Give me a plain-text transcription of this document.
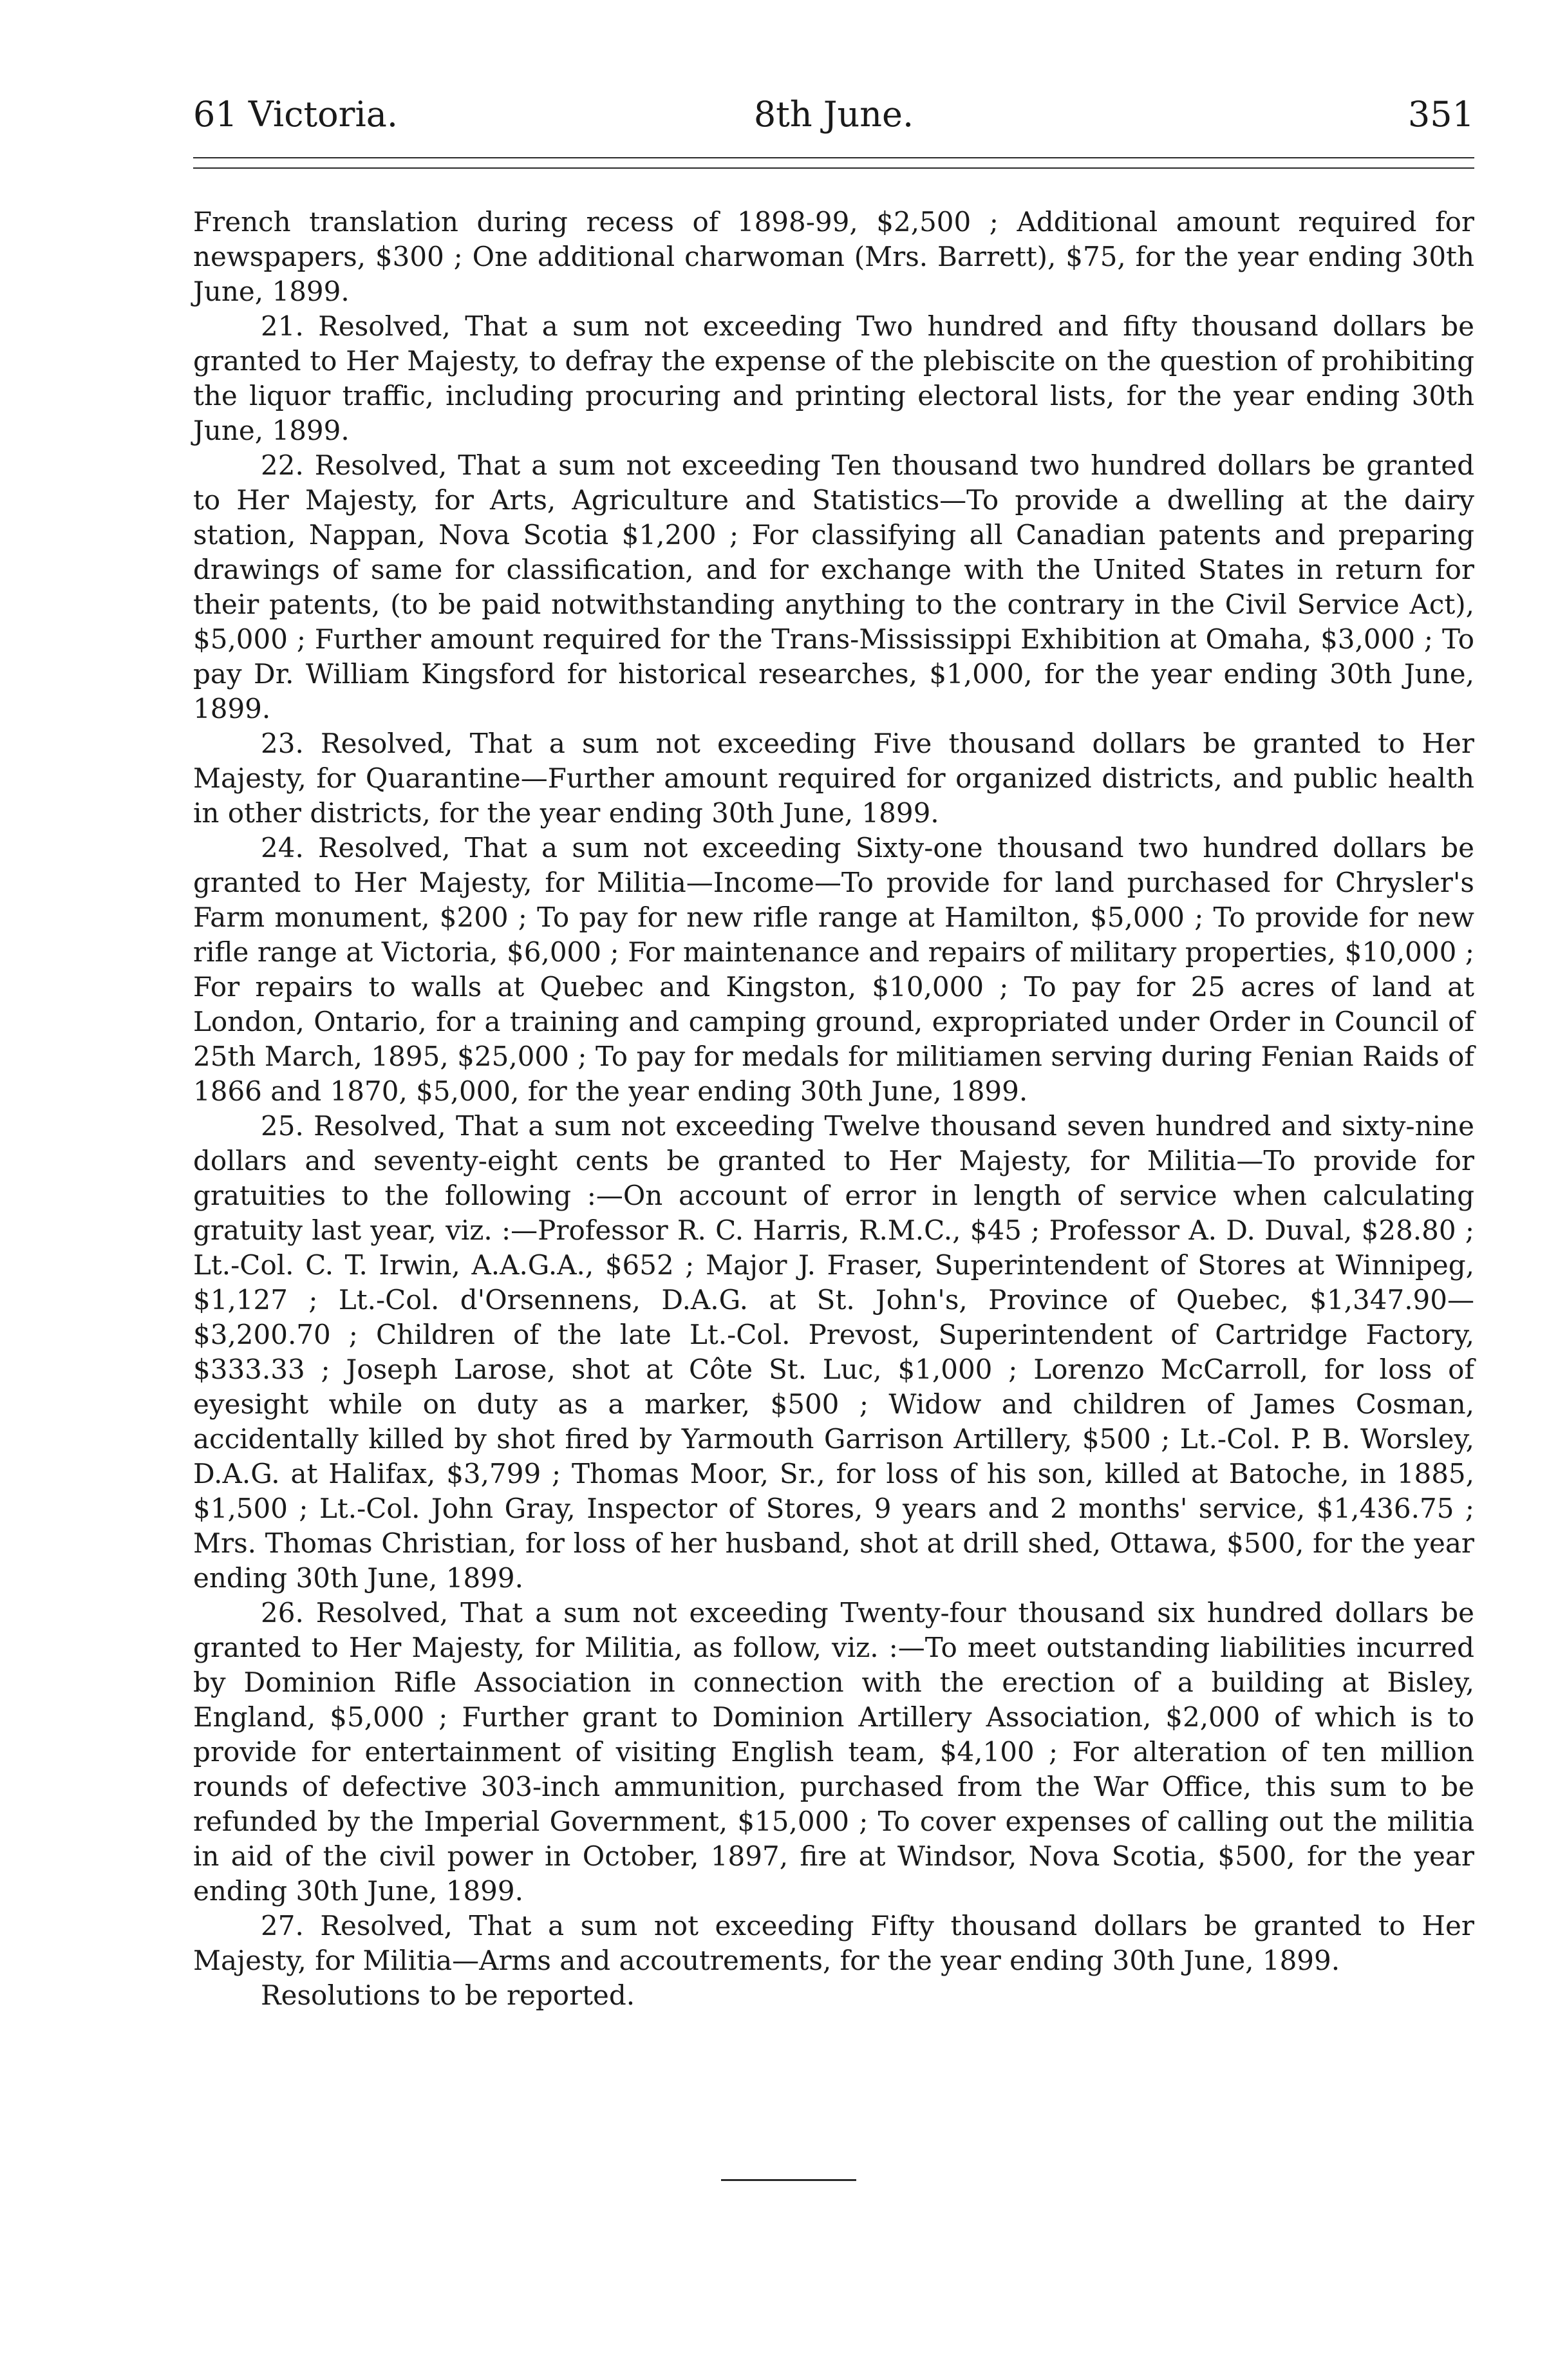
61 Victoria.	8th June.	351

French translation during recess of 1898-99, $2,500 ; Additional amount required for newspapers, $300 ; One additional charwoman (Mrs. Barrett), $75, for the year ending 30th June, 1899.

21. Resolved, That a sum not exceeding Two hundred and fifty thousand dollars be granted to Her Majesty, to defray the expense of the plebiscite on the question of prohibiting the liquor traffic, including procuring and printing electoral lists, for the year ending 30th June, 1899.

22. Resolved, That a sum not exceeding Ten thousand two hundred dollars be granted to Her Majesty, for Arts, Agriculture and Statistics—To provide a dwelling at the dairy station, Nappan, Nova Scotia $1,200 ; For classifying all Canadian patents and preparing drawings of same for classification, and for exchange with the United States in return for their patents, (to be paid notwithstanding anything to the contrary in the Civil Service Act), $5,000 ; Further amount required for the Trans-Mississippi Exhibition at Omaha, $3,000 ; To pay Dr. William Kingsford for historical researches, $1,000, for the year ending 30th June, 1899.

23. Resolved, That a sum not exceeding Five thousand dollars be granted to Her Majesty, for Quarantine—Further amount required for organized districts, and public health in other districts, for the year ending 30th June, 1899.

24. Resolved, That a sum not exceeding Sixty-one thousand two hundred dollars be granted to Her Majesty, for Militia—Income—To provide for land purchased for Chrysler's Farm monument, $200 ; To pay for new rifle range at Hamilton, $5,000 ; To provide for new rifle range at Victoria, $6,000 ; For maintenance and repairs of military properties, $10,000 ; For repairs to walls at Quebec and Kingston, $10,000 ; To pay for 25 acres of land at London, Ontario, for a training and camping ground, expropriated under Order in Council of 25th March, 1895, $25,000 ; To pay for medals for militiamen serving during Fenian Raids of 1866 and 1870, $5,000, for the year ending 30th June, 1899.

25. Resolved, That a sum not exceeding Twelve thousand seven hundred and sixty-nine dollars and seventy-eight cents be granted to Her Majesty, for Militia—To provide for gratuities to the following :—On account of error in length of service when calculating gratuity last year, viz. :—Professor R. C. Harris, R.M.C., $45 ; Professor A. D. Duval, $28.80 ; Lt.-Col. C. T. Irwin, A.A.G.A., $652 ; Major J. Fraser, Superintendent of Stores at Winnipeg, $1,127 ; Lt.-Col. d'Orsennens, D.A.G. at St. John's, Province of Quebec, $1,347.90—$3,200.70 ; Children of the late Lt.-Col. Prevost, Superintendent of Cartridge Factory, $333.33 ; Joseph Larose, shot at Côte St. Luc, $1,000 ; Lorenzo McCarroll, for loss of eyesight while on duty as a marker, $500 ; Widow and children of James Cosman, accidentally killed by shot fired by Yarmouth Garrison Artillery, $500 ; Lt.-Col. P. B. Worsley, D.A.G. at Halifax, $3,799 ; Thomas Moor, Sr., for loss of his son, killed at Batoche, in 1885, $1,500 ; Lt.-Col. John Gray, Inspector of Stores, 9 years and 2 months' service, $1,436.75 ; Mrs. Thomas Christian, for loss of her husband, shot at drill shed, Ottawa, $500, for the year ending 30th June, 1899.

26. Resolved, That a sum not exceeding Twenty-four thousand six hundred dollars be granted to Her Majesty, for Militia, as follow, viz. :—To meet outstanding liabilities incurred by Dominion Rifle Association in connection with the erection of a building at Bisley, England, $5,000 ; Further grant to Dominion Artillery Association, $2,000 of which is to provide for entertainment of visiting English team, $4,100 ; For alteration of ten million rounds of defective 303-inch ammunition, purchased from the War Office, this sum to be refunded by the Imperial Government, $15,000 ; To cover expenses of calling out the militia in aid of the civil power in October, 1897, fire at Windsor, Nova Scotia, $500, for the year ending 30th June, 1899.

27. Resolved, That a sum not exceeding Fifty thousand dollars be granted to Her Majesty, for Militia—Arms and accoutrements, for the year ending 30th June, 1899.

Resolutions to be reported.
